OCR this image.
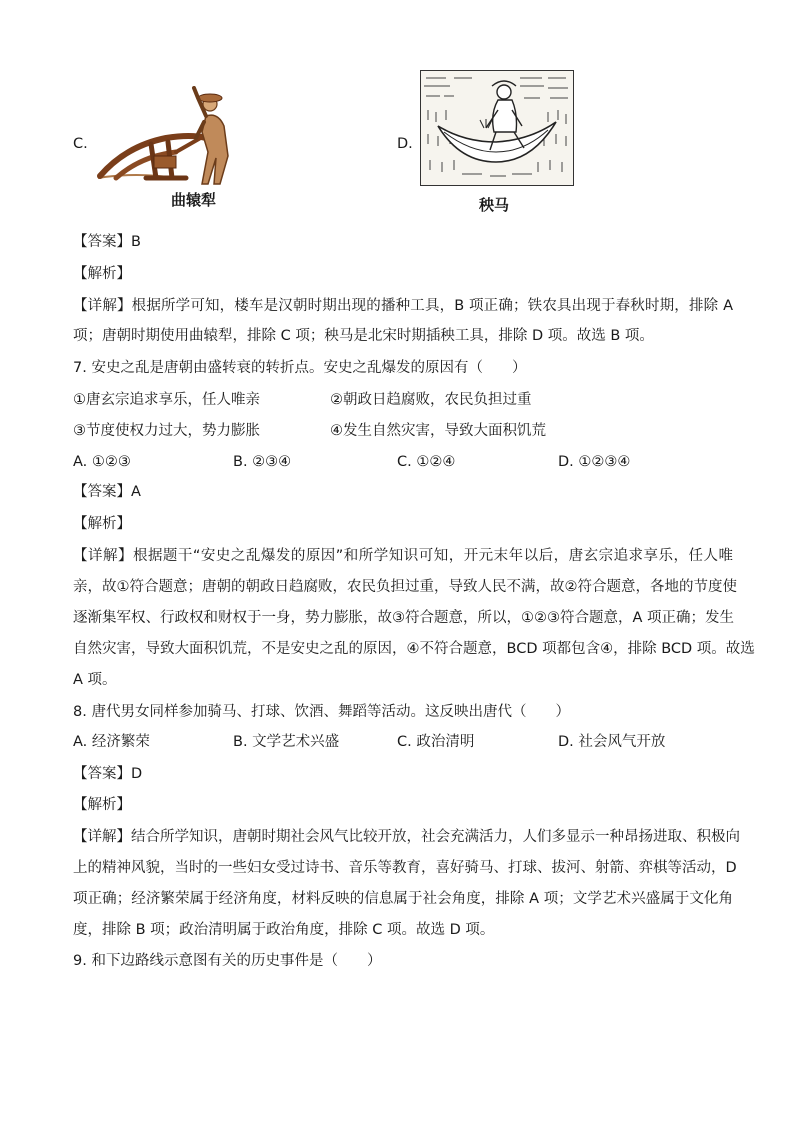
C.
曲辕犁
D.
秧马
【答案】B
【解析】
【详解】根据所学可知，楼车是汉朝时期出现的播种工具，B 项正确；铁农具出现于春秋时期，排除 A
项；唐朝时期使用曲辕犁，排除 C 项；秧马是北宋时期插秧工具，排除 D 项。故选 B 项。
7. 安史之乱是唐朝由盛转衰的转折点。安史之乱爆发的原因有（　　）
①唐玄宗追求享乐，任人唯亲	②朝政日趋腐败，农民负担过重
③节度使权力过大，势力膨胀	④发生自然灾害，导致大面积饥荒
A. ①②③	B. ②③④	C. ①②④	D. ①②③④
【答案】A
【解析】
【详解】根据题干“安史之乱爆发的原因”和所学知识可知，开元末年以后，唐玄宗追求享乐，任人唯
亲，故①符合题意；唐朝的朝政日趋腐败，农民负担过重，导致人民不满，故②符合题意，各地的节度使
逐渐集军权、行政权和财权于一身，势力膨胀，故③符合题意，所以，①②③符合题意，A 项正确；发生
自然灾害，导致大面积饥荒，不是安史之乱的原因，④不符合题意，BCD 项都包含④，排除 BCD 项。故选
A 项。
8. 唐代男女同样参加骑马、打球、饮酒、舞蹈等活动。这反映出唐代（　　）
A. 经济繁荣	B. 文学艺术兴盛	C. 政治清明	D. 社会风气开放
【答案】D
【解析】
【详解】结合所学知识，唐朝时期社会风气比较开放，社会充满活力，人们多显示一种昂扬进取、积极向
上的精神风貌，当时的一些妇女受过诗书、音乐等教育，喜好骑马、打球、拔河、射箭、弈棋等活动，D
项正确；经济繁荣属于经济角度，材料反映的信息属于社会角度，排除 A 项；文学艺术兴盛属于文化角
度，排除 B 项；政治清明属于政治角度，排除 C 项。故选 D 项。
9. 和下边路线示意图有关的历史事件是（　　）
